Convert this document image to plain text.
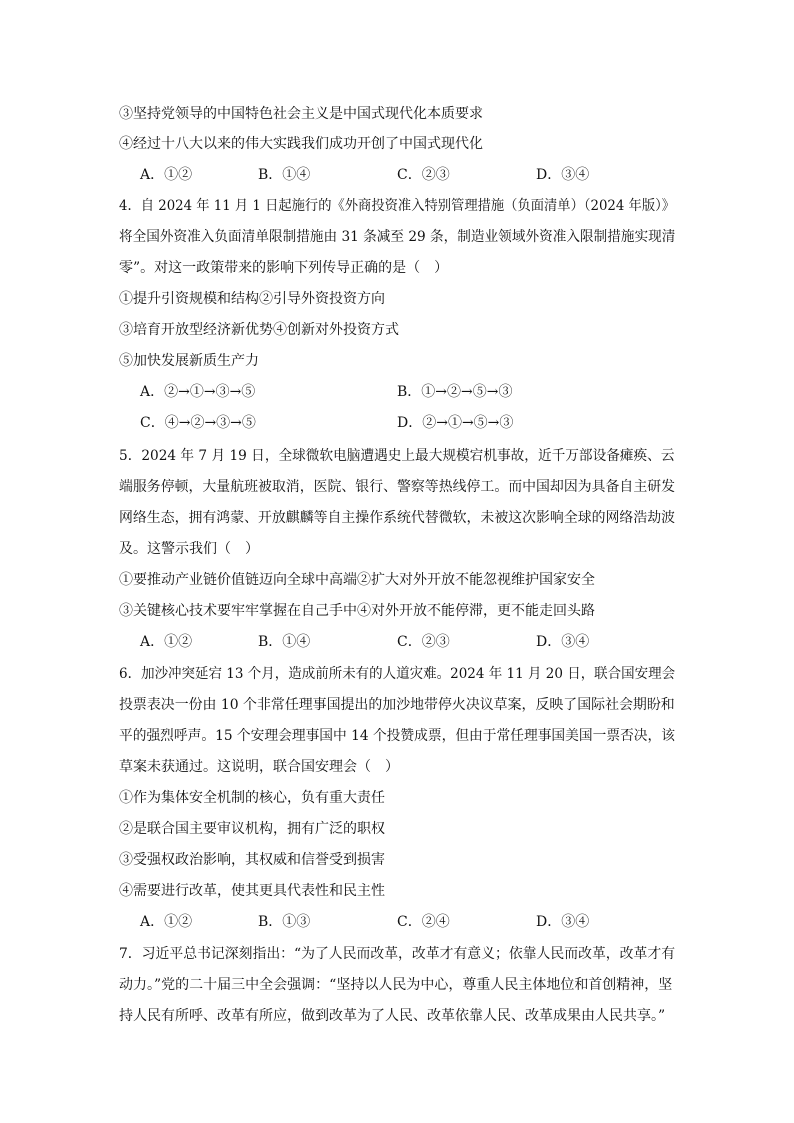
③坚持党领导的中国特色社会主义是中国式现代化本质要求
④经过十八大以来的伟大实践我们成功开创了中国式现代化
A．①②	B．①④	C．②③	D．③④
4．自 2024 年 11 月 1 日起施行的《外商投资准入特别管理措施（负面清单）（2024 年版）》
将全国外资准入负面清单限制措施由 31 条减至 29 条，制造业领域外资准入限制措施实现清
零”。对这一政策带来的影响下列传导正确的是（　）
①提升引资规模和结构②引导外资投资方向
③培育开放型经济新优势④创新对外投资方式
⑤加快发展新质生产力
A．②→①→③→⑤	B．①→②→⑤→③
C．④→②→③→⑤	D．②→①→⑤→③
5．2024 年 7 月 19 日，全球微软电脑遭遇史上最大规模宕机事故，近千万部设备瘫痪、云
端服务停顿，大量航班被取消，医院、银行、警察等热线停工。而中国却因为具备自主研发
网络生态，拥有鸿蒙、开放麒麟等自主操作系统代替微软，未被这次影响全球的网络浩劫波
及。这警示我们（　）
①要推动产业链价值链迈向全球中高端②扩大对外开放不能忽视维护国家安全
③关键核心技术要牢牢掌握在自己手中④对外开放不能停滞，更不能走回头路
A．①②	B．①④	C．②③	D．③④
6．加沙冲突延宕 13 个月，造成前所未有的人道灾难。2024 年 11 月 20 日，联合国安理会
投票表决一份由 10 个非常任理事国提出的加沙地带停火决议草案，反映了国际社会期盼和
平的强烈呼声。15 个安理会理事国中 14 个投赞成票，但由于常任理事国美国一票否决，该
草案未获通过。这说明，联合国安理会（　）
①作为集体安全机制的核心，负有重大责任
②是联合国主要审议机构，拥有广泛的职权
③受强权政治影响，其权威和信誉受到损害
④需要进行改革，使其更具代表性和民主性
A．①②	B．①③	C．②④	D．③④
7．习近平总书记深刻指出：“为了人民而改革，改革才有意义；依靠人民而改革，改革才有
动力。”党的二十届三中全会强调：“坚持以人民为中心，尊重人民主体地位和首创精神，坚
持人民有所呼、改革有所应，做到改革为了人民、改革依靠人民、改革成果由人民共享。”
